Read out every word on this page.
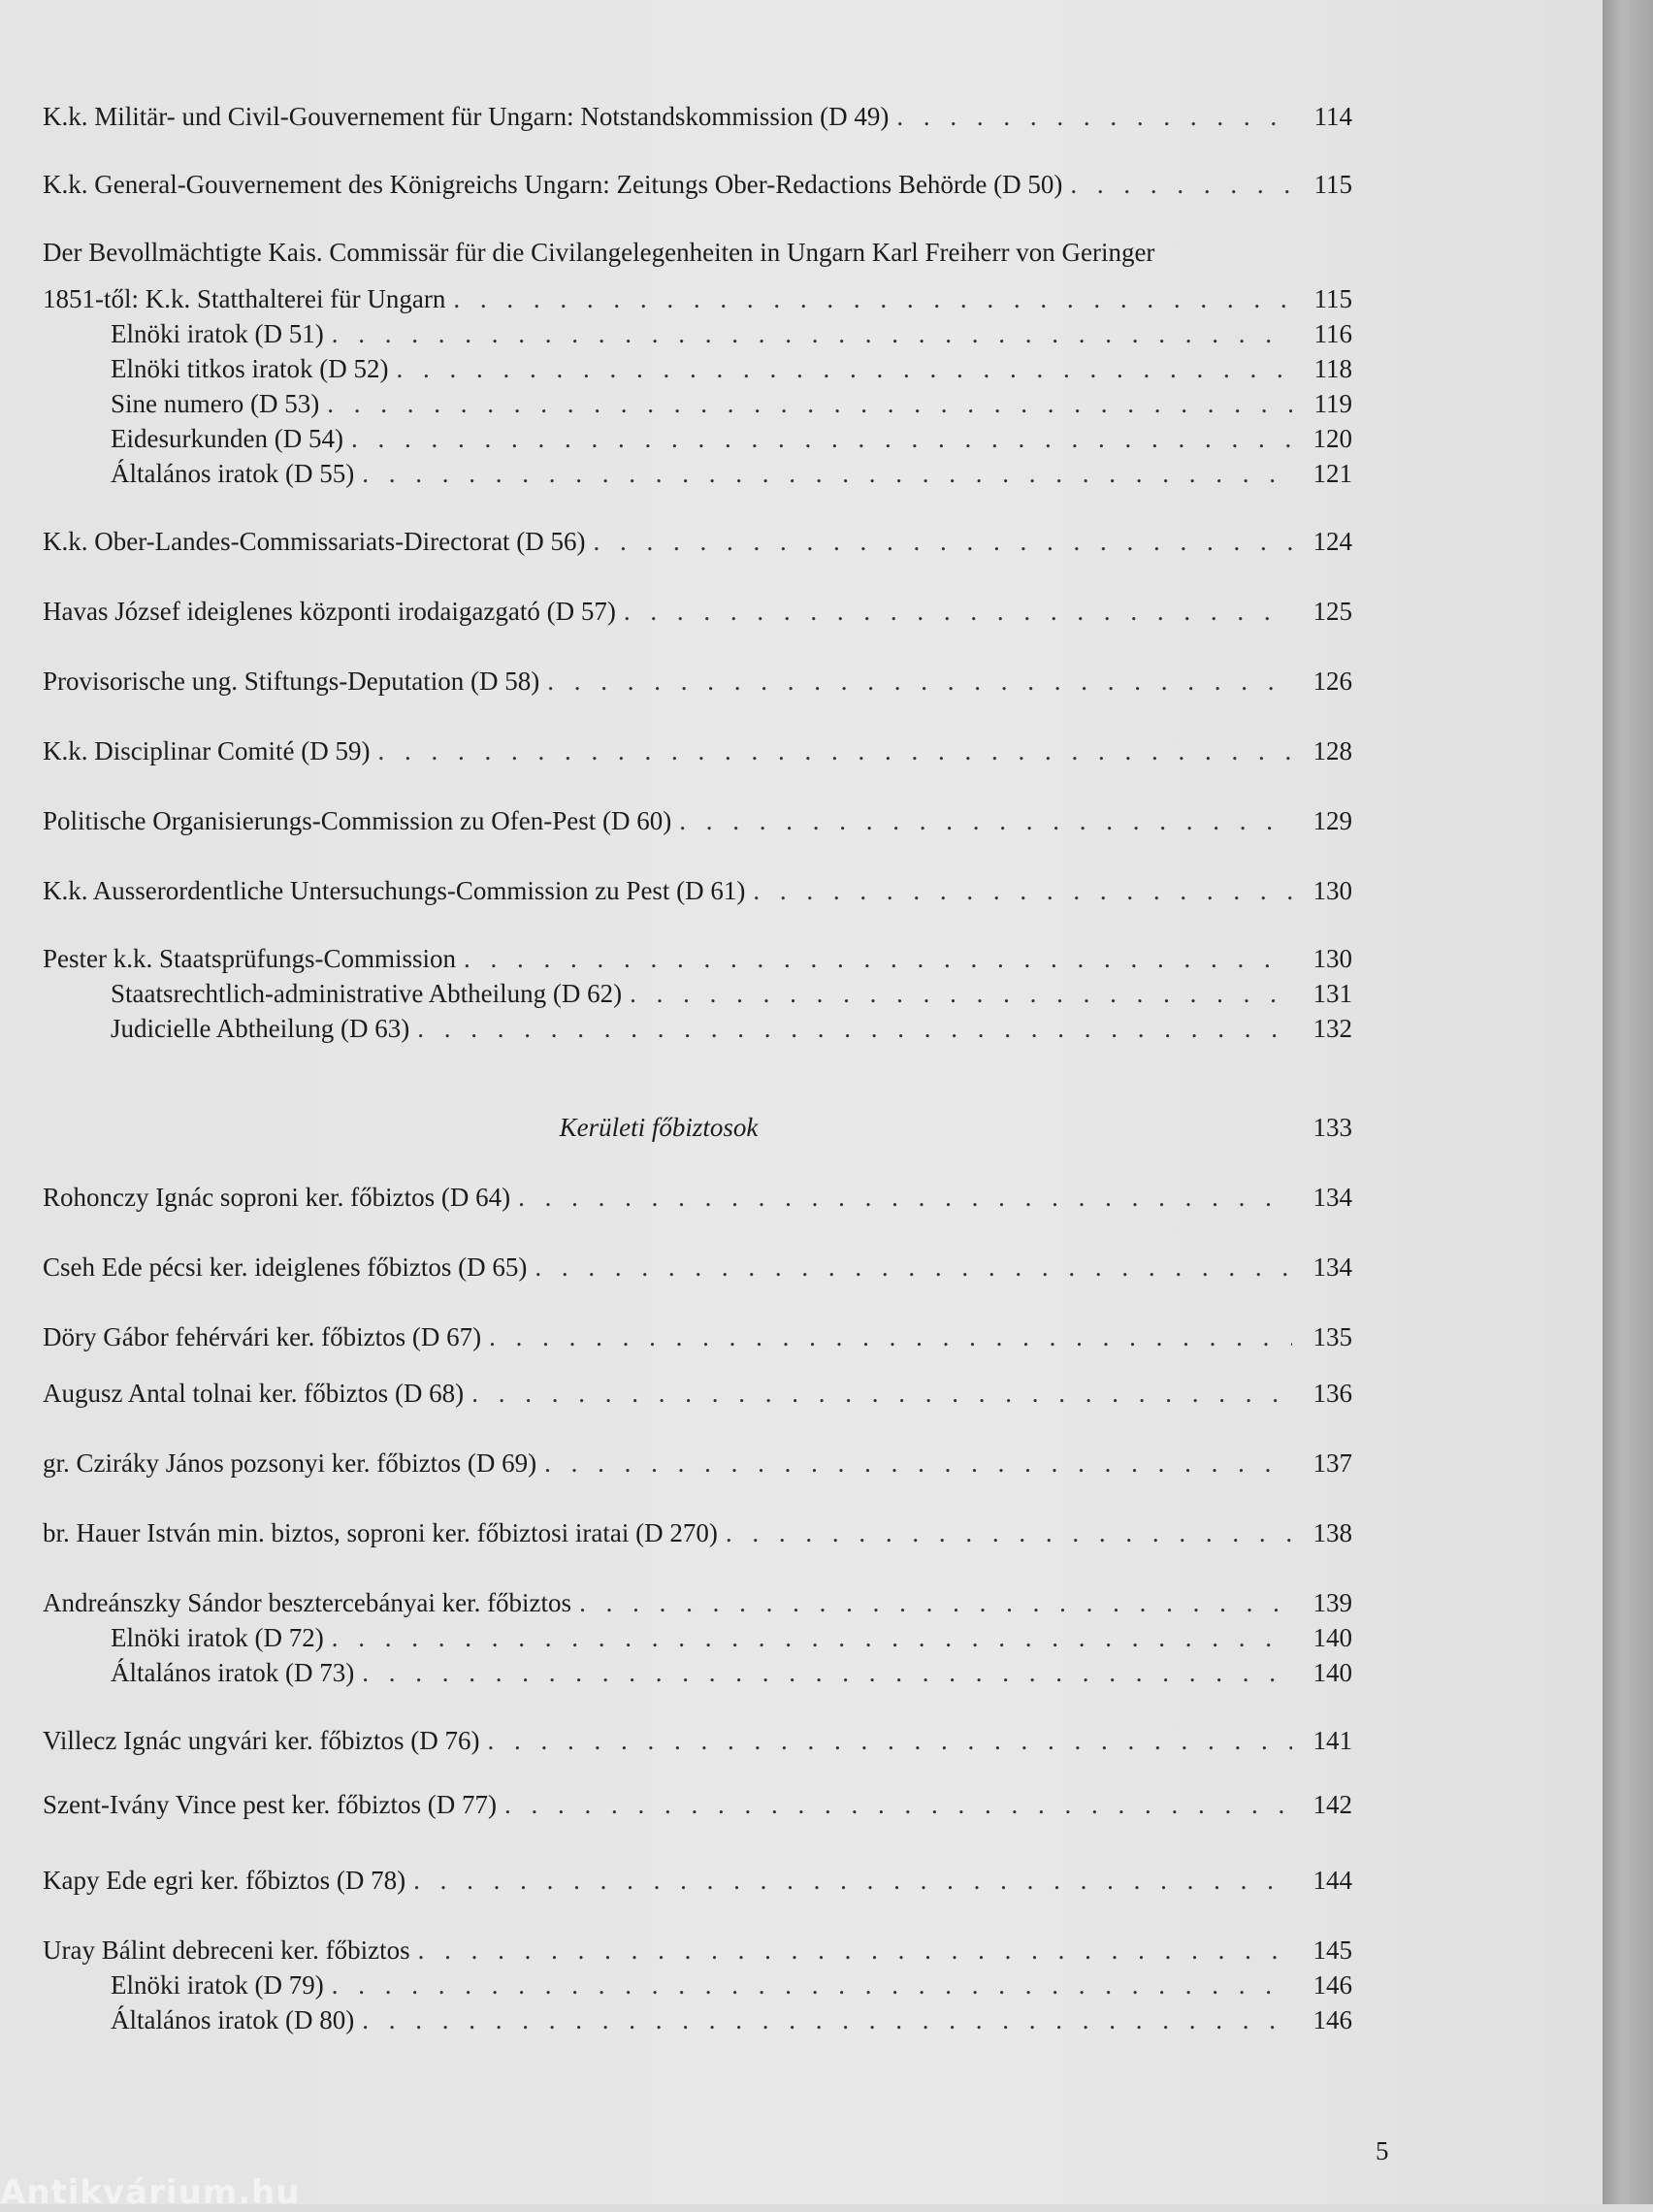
K.k. Militär- und Civil-Gouvernement für Ungarn: Notstandskommission (D 49) . . .	114
K.k. General-Gouvernement des Königreichs Ungarn: Zeitungs Ober-Redactions Behörde (D 50) . . .	115
Der Bevollmächtigte Kais. Commissär für die Civilangelegenheiten in Ungarn Karl Freiherr von Geringer
1851-től: K.k. Statthalterei für Ungarn . . .	115
Elnöki iratok (D 51) . . .	116
Elnöki titkos iratok (D 52) . . .	118
Sine numero (D 53) . . .	119
Eidesurkunden (D 54) . . .	120
Általános iratok (D 55) . . .	121
K.k. Ober-Landes-Commissariats-Directorat (D 56) . . .	124
Havas József ideiglenes központi irodaigazgató (D 57) . . .	125
Provisorische ung. Stiftungs-Deputation (D 58) . . .	126
K.k. Disciplinar Comité (D 59) . . .	128
Politische Organisierungs-Commission zu Ofen-Pest (D 60) . . .	129
K.k. Ausserordentliche Untersuchungs-Commission zu Pest (D 61) . . .	130
Pester k.k. Staatsprüfungs-Commission . . .	130
Staatsrechtlich-administrative Abtheilung (D 62) . . .	131
Judicielle Abtheilung (D 63) . . .	132
Kerületi főbiztosok	133
Rohonczy Ignác soproni ker. főbiztos (D 64) . . .	134
Cseh Ede pécsi ker. ideiglenes főbiztos (D 65) . . .	134
Döry Gábor fehérvári ker. főbiztos (D 67) . . .	135
Augusz Antal tolnai ker. főbiztos (D 68) . . .	136
gr. Cziráky János pozsonyi ker. főbiztos (D 69) . . .	137
br. Hauer István min. biztos, soproni ker. főbiztosi iratai (D 270) . . .	138
Andreánszky Sándor besztercebányai ker. főbiztos . . .	139
Elnöki iratok (D 72) . . .	140
Általános iratok (D 73) . . .	140
Villecz Ignác ungvári ker. főbiztos (D 76) . . .	141
Szent-Ivány Vince pest ker. főbiztos (D 77) . . .	142
Kapy Ede egri ker. főbiztos (D 78) . . .	144
Uray Bálint debreceni ker. főbiztos . . .	145
Elnöki iratok (D 79) . . .	146
Általános iratok (D 80) . . .	146
5
Antikvárium.hu
